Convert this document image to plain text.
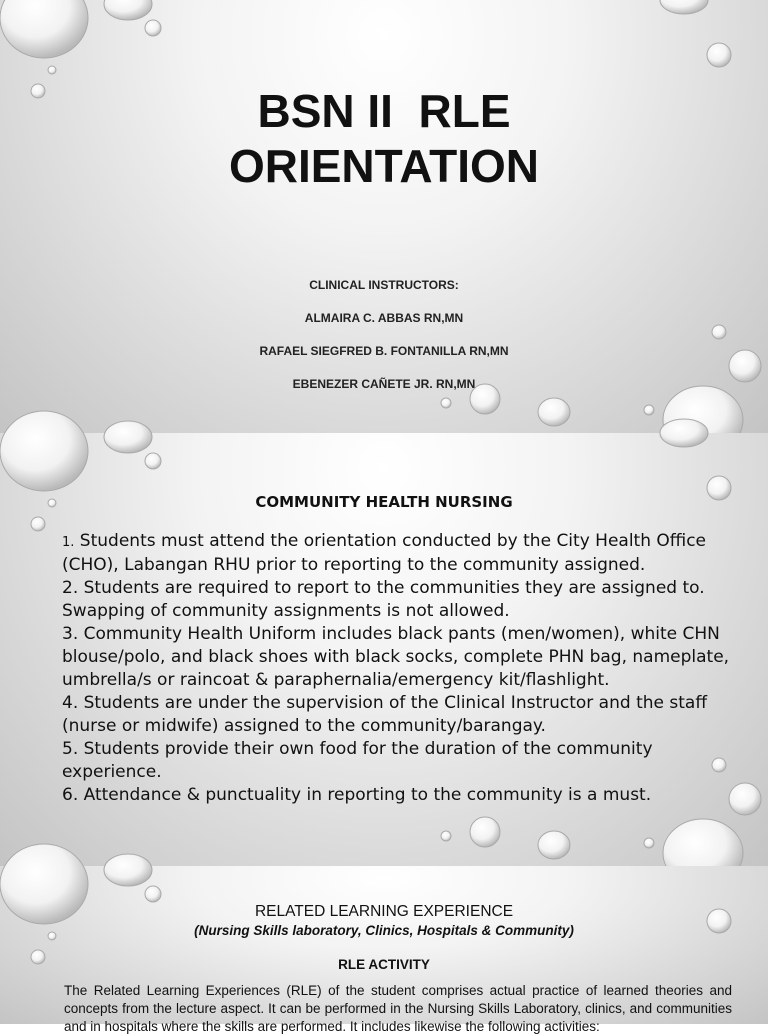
BSN II  RLE
ORIENTATION
CLINICAL INSTRUCTORS:
ALMAIRA C. ABBAS RN,MN
RAFAEL SIEGFRED B. FONTANILLA RN,MN
EBENEZER CAÑETE JR. RN,MN
COMMUNITY HEALTH NURSING
1. Students must attend the orientation conducted by the City Health Office (CHO), Labangan RHU prior to reporting to the community assigned.
2. Students are required to report to the communities they are assigned to. Swapping of community assignments is not allowed.
3. Community Health Uniform includes black pants (men/women), white CHN blouse/polo, and black shoes with black socks, complete PHN bag, nameplate, umbrella/s or raincoat & paraphernalia/emergency kit/flashlight.
4. Students are under the supervision of the Clinical Instructor and the staff (nurse or midwife) assigned to the community/barangay.
5. Students provide their own food for the duration of the community experience.
6. Attendance & punctuality in reporting to the community is a must.
RELATED LEARNING EXPERIENCE
(Nursing Skills laboratory, Clinics, Hospitals & Community)
RLE ACTIVITY
The Related Learning Experiences (RLE) of the student comprises actual practice of learned theories and concepts from the lecture aspect. It can be performed in the Nursing Skills Laboratory, clinics, and communities and in hospitals where the skills are performed. It includes likewise the following activities:
